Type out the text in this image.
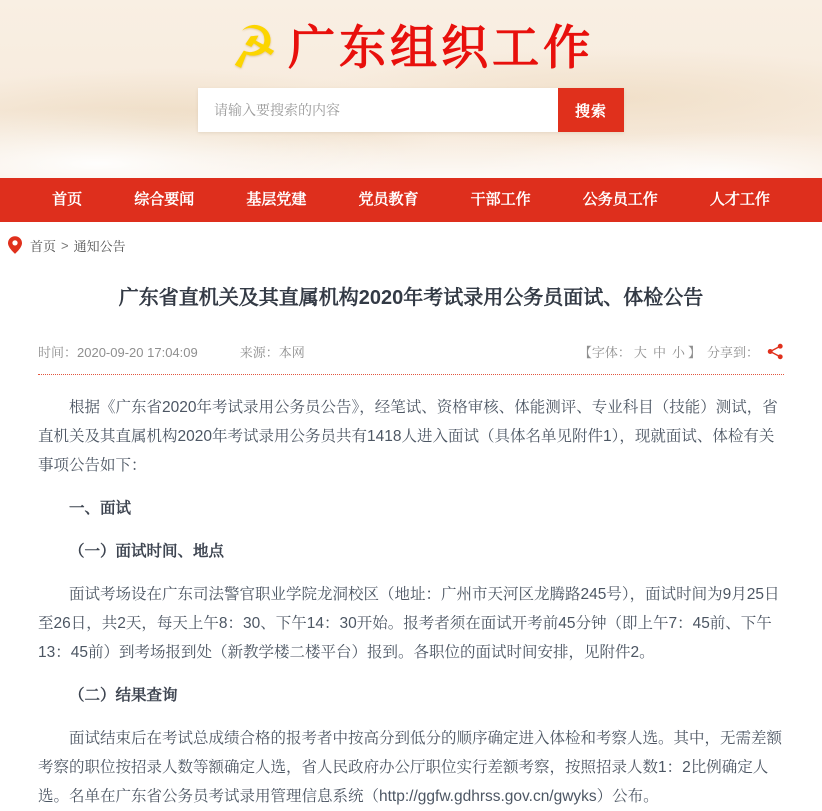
☭ 广东组织工作
请输入要搜索的内容
搜索
首页	综合要闻	基层党建	党员教育	干部工作	公务员工作	人才工作
首页 > 通知公告
广东省直机关及其直属机构2020年考试录用公务员面试、体检公告
时间：2020-09-20 17:04:09	来源：本网	【字体： 大 中 小 】 分享到：

根据《广东省2020年考试录用公务员公告》，经笔试、资格审核、体能测评、专业科目（技能）测试，省直机关及其直属机构2020年考试录用公务员共有1418人进入面试（具体名单见附件1），现就面试、体检有关事项公告如下：

一、面试
（一）面试时间、地点

面试考场设在广东司法警官职业学院龙洞校区（地址：广州市天河区龙腾路245号），面试时间为9月25日至26日，共2天，每天上午8：30、下午14：30开始。报考者须在面试开考前45分钟（即上午7：45前、下午13：45前）到考场报到处（新教学楼二楼平台）报到。各职位的面试时间安排，见附件2。

（二）结果查询

面试结束后在考试总成绩合格的报考者中按高分到低分的顺序确定进入体检和考察人选。其中，无需差额考察的职位按招录人数等额确定人选，省人民政府办公厅职位实行差额考察，按照招录人数1：2比例确定人选。名单在广东省公务员考试录用管理信息系统（http://ggfw.gdhrss.gov.cn/gwyks）公布。
